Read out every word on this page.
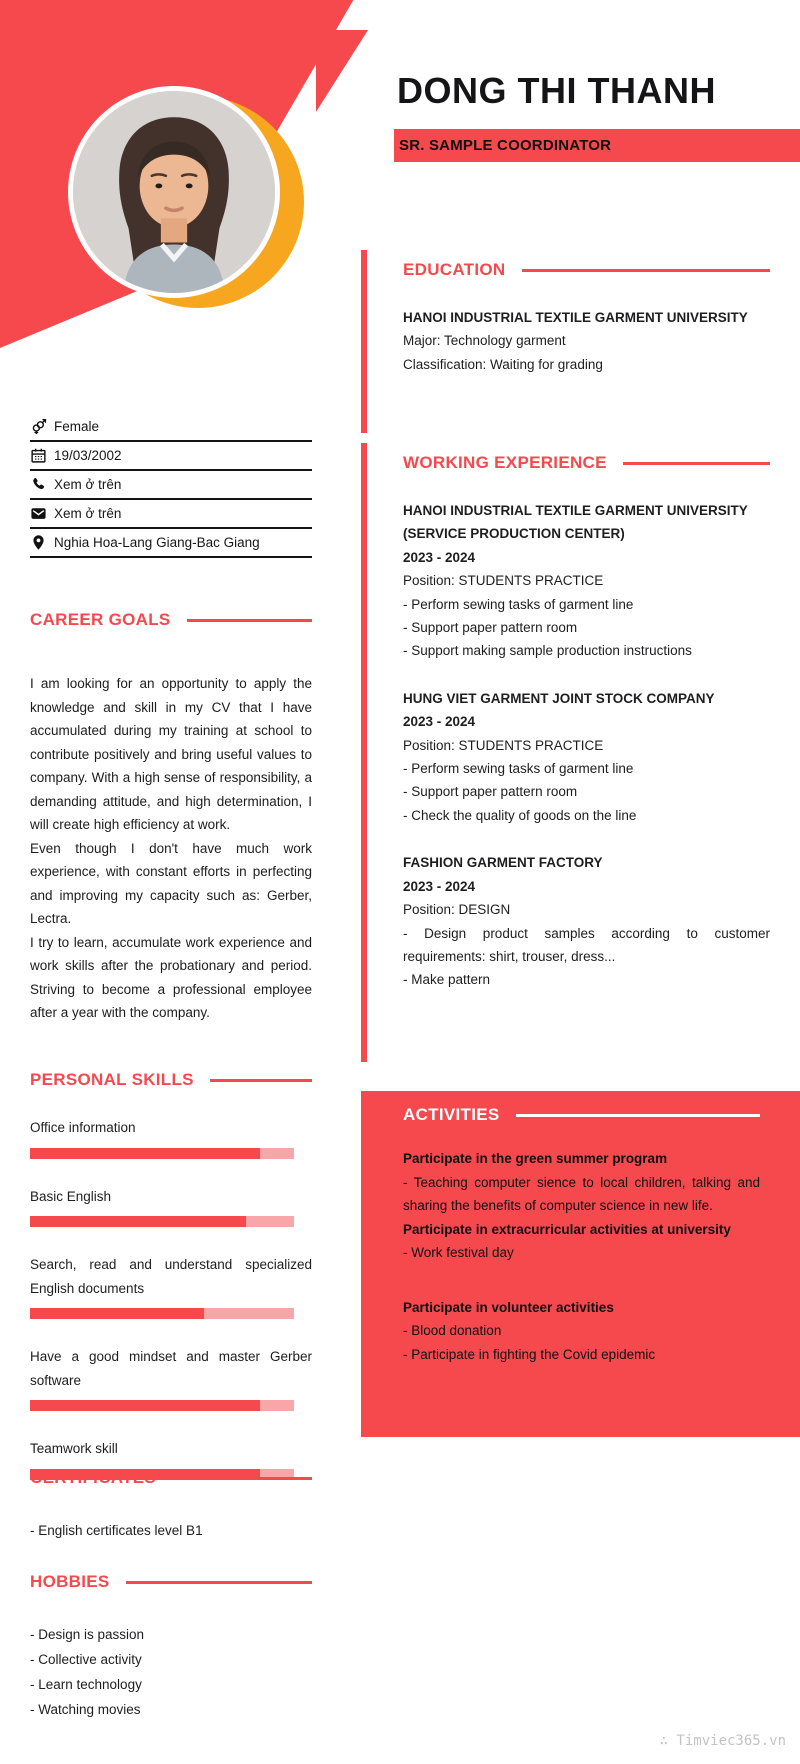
DONG THI THANH
SR. SAMPLE COORDINATOR
Female
19/03/2002
Xem ở trên
Xem ở trên
Nghia Hoa-Lang Giang-Bac Giang
CAREER GOALS
I am looking for an opportunity to apply the knowledge and skill in my CV that I have accumulated during my training at school to contribute positively and bring useful values to company. With a high sense of responsibility, a demanding attitude, and high determination, I will create high efficiency at work.
Even though I don't have much work experience, with constant efforts in perfecting and improving my capacity such as: Gerber, Lectra.
I try to learn, accumulate work experience and work skills after the probationary and period. Striving to become a professional employee after a year with the company.
PERSONAL SKILLS
Office information
Basic English
Search, read and understand specialized English documents
Have a good mindset and master Gerber software
Teamwork skill
CERTIFICATES
- English certificates level B1
HOBBIES
- Design is passion
- Collective activity
- Learn technology
- Watching movies
EDUCATION
HANOI INDUSTRIAL TEXTILE GARMENT UNIVERSITY
Major: Technology garment
Classification: Waiting for grading
WORKING EXPERIENCE
HANOI INDUSTRIAL TEXTILE GARMENT UNIVERSITY
(SERVICE PRODUCTION CENTER)
2023 - 2024
Position: STUDENTS PRACTICE
- Perform sewing tasks of garment line
- Support paper pattern room
- Support making sample production instructions
HUNG VIET GARMENT JOINT STOCK COMPANY
2023 - 2024
Position: STUDENTS PRACTICE
- Perform sewing tasks of garment line
- Support paper pattern room
- Check the quality of goods on the line
FASHION GARMENT FACTORY
2023 - 2024
Position: DESIGN
- Design product samples according to customer requirements: shirt, trouser, dress...
- Make pattern
ACTIVITIES
Participate in the green summer program
- Teaching computer sience to local children, talking and sharing the benefits of computer science in new life.
Participate in extracurricular activities at university
- Work festival day
Participate in volunteer activities
- Blood donation
- Participate in fighting the Covid epidemic
∴ Timviec365.vn
